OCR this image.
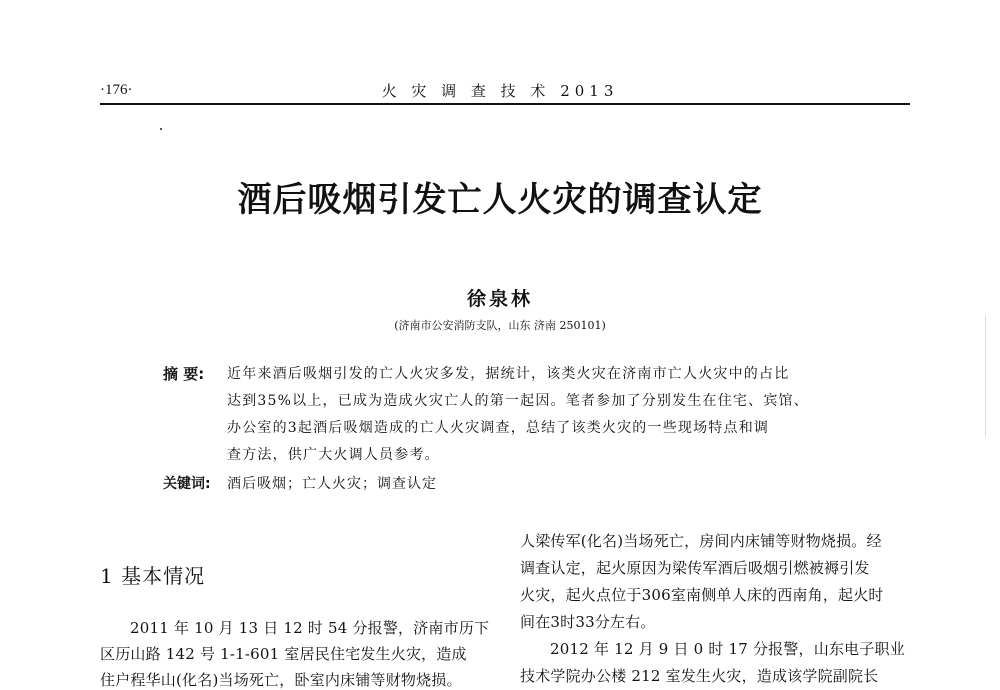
·176·	火 灾 调 查 技 术 2013
酒后吸烟引发亡人火灾的调查认定
徐泉林
(济南市公安消防支队，山东 济南 250101)
摘 要: 近年来酒后吸烟引发的亡人火灾多发，据统计，该类火灾在济南市亡人火灾中的占比
达到35%以上，已成为造成火灾亡人的第一起因。笔者参加了分别发生在住宅、宾馆、
办公室的3起酒后吸烟造成的亡人火灾调查，总结了该类火灾的一些现场特点和调
查方法，供广大火调人员参考。
关键词: 酒后吸烟；亡人火灾；调查认定
1 基本情况
2011 年 10 月 13 日 12 时 54 分报警，济南市历下
区历山路 142 号 1-1-601 室居民住宅发生火灾，造成
住户程华山(化名)当场死亡，卧室内床铺等财物烧损。
人梁传军(化名)当场死亡，房间内床铺等财物烧损。经
调查认定，起火原因为梁传军酒后吸烟引燃被褥引发
火灾，起火点位于306室南侧单人床的西南角，起火时
间在3时33分左右。
2012 年 12 月 9 日 0 时 17 分报警，山东电子职业
技术学院办公楼 212 室发生火灾，造成该学院副院长
